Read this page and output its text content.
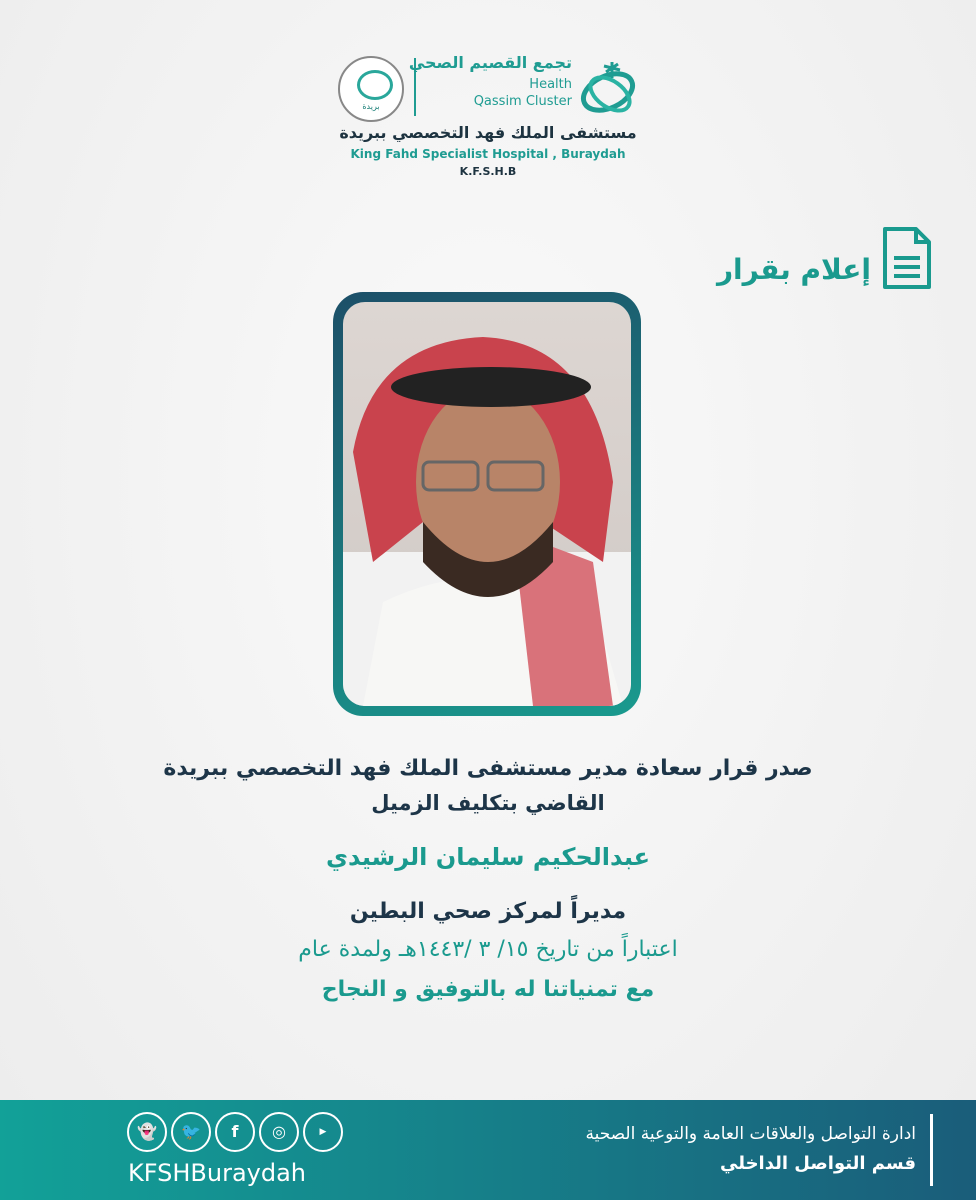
بريدة
تجمع القصيم الصحي
Health
Qassim Cluster
مستشفى الملك فهد التخصصي ببريدة
King Fahd Specialist Hospital , Buraydah
K.F.S.H.B
إعلام بقرار
صدر قرار سعادة مدير مستشفى الملك فهد التخصصي ببريدة
القاضي بتكليف الزميل
عبدالحكيم سليمان الرشيدي
مديراً لمركز صحي البطين
اعتباراً من تاريخ ١٥/ ٣ /١٤٤٣هـ ولمدة عام
مع تمنياتنا له بالتوفيق و النجاح
ادارة التواصل والعلاقات العامة والتوعية الصحية
قسم التواصل الداخلي
👻	🐦	f	◎	▶
KFSHBuraydah
